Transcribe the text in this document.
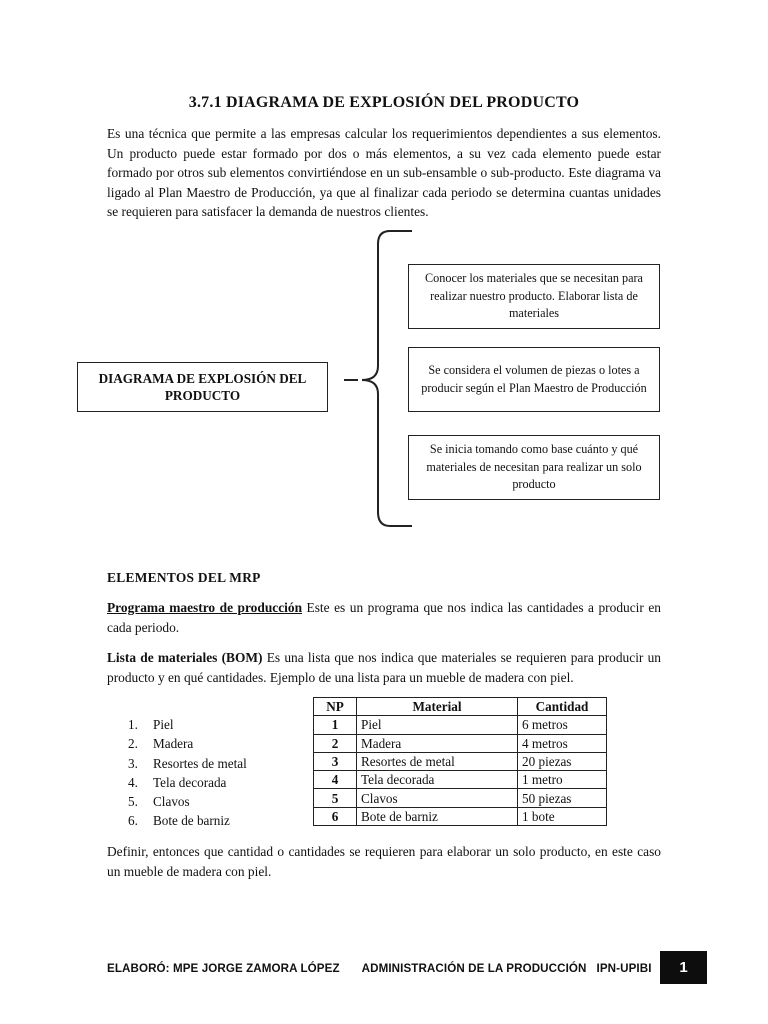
3.7.1 DIAGRAMA DE EXPLOSIÓN DEL PRODUCTO
Es una técnica que permite a las empresas calcular los requerimientos dependientes a sus elementos. Un producto puede estar formado por dos o más elementos, a su vez cada elemento puede estar formado por otros sub elementos convirtiéndose en un sub-ensamble o sub-producto. Este diagrama va ligado al Plan Maestro de Producción, ya que al finalizar cada periodo se determina cuantas unidades se requieren para satisfacer la demanda de nuestros clientes.
DIAGRAMA DE EXPLOSIÓN DEL PRODUCTO
Conocer los materiales que se necesitan para realizar nuestro producto. Elaborar lista de materiales
Se considera el volumen de piezas o lotes a producir según el Plan Maestro de Producción
Se inicia tomando como base cuánto y qué materiales de necesitan para realizar un solo producto
ELEMENTOS DEL MRP
Programa maestro de producción Este es un programa que nos indica las cantidades a producir en cada periodo.
Lista de materiales (BOM) Es una lista que nos indica que materiales se requieren para producir un producto y en qué cantidades. Ejemplo de una lista para un mueble de madera con piel.
1.	Piel
2.	Madera
3.	Resortes de metal
4.	Tela decorada
5.	Clavos
6.	Bote de barniz
NP	Material	Cantidad
1	Piel	6 metros
2	Madera	4 metros
3	Resortes de metal	20 piezas
4	Tela decorada	1 metro
5	Clavos	50 piezas
6	Bote de barniz	1 bote
Definir, entonces que cantidad o cantidades se requieren para elaborar un solo producto, en este caso un mueble de madera con piel.
ELABORÓ: MPE JORGE ZAMORA LÓPEZ ADMINISTRACIÓN DE LA PRODUCCIÓN IPN-UPIBI	1
